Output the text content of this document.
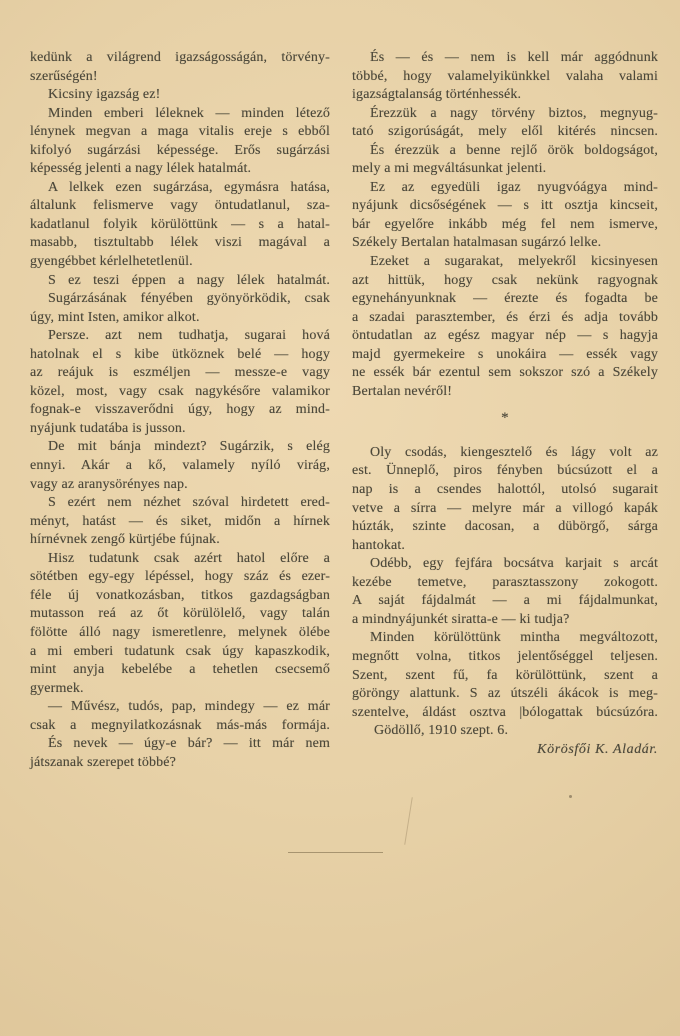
kedünk a világrend igazságosságán, törvény-
szerűségén!

Kicsiny igazság ez!

Minden emberi léleknek — minden létező
lénynek megvan a maga vitalis ereje s ebből
kifolyó sugárzási képessége. Erős sugárzási
képesség jelenti a nagy lélek hatalmát.

A lelkek ezen sugárzása, egymásra hatása,
általunk felismerve vagy öntudatlanul, sza-
kadatlanul folyik körülöttünk — s a hatal-
masabb, tisztultabb lélek viszi magával a
gyengébbet kérlelhetetlenül.

S ez teszi éppen a nagy lélek hatalmát.

Sugárzásának fényében gyönyörködik, csak
úgy, mint Isten, amikor alkot.

Persze. azt nem tudhatja, sugarai hová
hatolnak el s kibe ütköznek belé — hogy
az reájuk is eszméljen — messze-e vagy
közel, most, vagy csak nagykésőre valamikor
fognak-e visszaverődni úgy, hogy az mind-
nyájunk tudatába is jusson.

De mit bánja mindezt? Sugárzik, s elég
ennyi. Akár a kő, valamely nyíló virág,
vagy az aranysörényes nap.

S ezért nem nézhet szóval hirdetett ered-
ményt, hatást — és siket, midőn a hírnek
hírnévnek zengő kürtjébe fújnak.

Hisz tudatunk csak azért hatol előre a
sötétben egy-egy lépéssel, hogy száz és ezer-
féle új vonatkozásban, titkos gazdagságban
mutasson reá az őt körülölelő, vagy talán
fölötte álló nagy ismeretlenre, melynek ölébe
a mi emberi tudatunk csak úgy kapaszkodik,
mint anyja kebelébe a tehetlen csecsemő
gyermek.

— Művész, tudós, pap, mindegy — ez már
csak a megnyilatkozásnak más-más formája.

És nevek — úgy-e bár? — itt már nem
játszanak szerepet többé?

És — és — nem is kell már aggódnunk
többé, hogy valamelyikünkkel valaha valami
igazságtalanság történhessék.

Érezzük a nagy törvény biztos, megnyug-
tató szigorúságát, mely elől kitérés nincsen.

És érezzük a benne rejlő örök boldogságot,
mely a mi megváltásunkat jelenti.

Ez az egyedüli igaz nyugvóágya mind-
nyájunk dicsőségének — s itt osztja kincseit,
bár egyelőre inkább még fel nem ismerve,
Székely Bertalan hatalmasan sugárzó lelke.

Ezeket a sugarakat, melyekről kicsinyesen
azt hittük, hogy csak nekünk ragyognak
egynehányunknak — érezte és fogadta be
a szadai parasztember, és érzi és adja tovább
öntudatlan az egész magyar nép — s hagyja
majd gyermekeire s unokáira — essék vagy
ne essék bár ezentul sem sokszor szó a Székely
Bertalan nevéről!

*

Oly csodás, kiengesztelő és lágy volt az
est. Ünneplő, piros fényben búcsúzott el a
nap is a csendes halottól, utolsó sugarait
vetve a sírra — melyre már a villogó kapák
húzták, szinte dacosan, a dübörgő, sárga
hantokat.

Odébb, egy fejfára bocsátva karjait s arcát
kezébe temetve, parasztasszony zokogott.
A saját fájdalmát — a mi fájdalmunkat,
a mindnyájunkét siratta-e — ki tudja?

Minden körülöttünk mintha megváltozott,
megnőtt volna, titkos jelentőséggel teljesen.
Szent, szent fű, fa körülöttünk, szent a
göröngy alattunk. S az útszéli ákácok is meg-
szentelve, áldást osztva |bólogattak búcsúzóra.

Gödöllő, 1910 szept. 6.

Körösfői K. Aladár.
